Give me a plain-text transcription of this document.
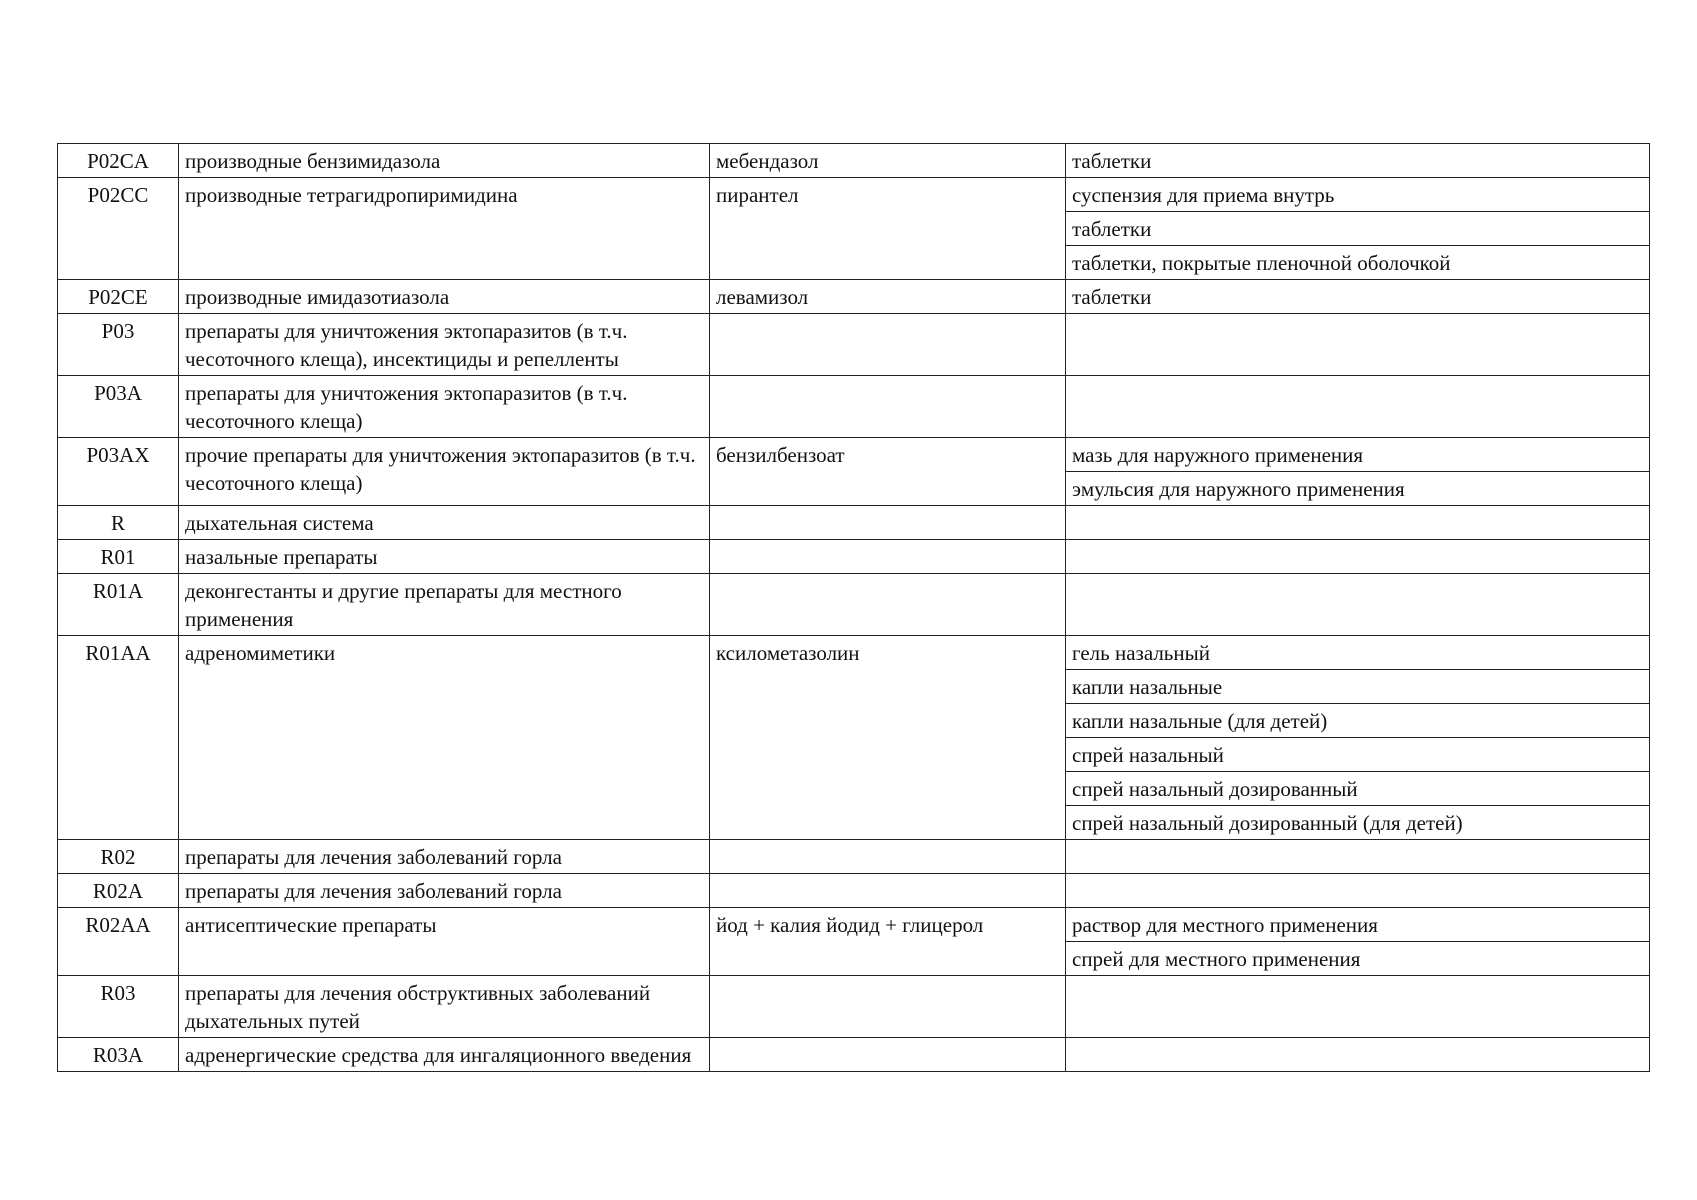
P02CA	производные бензимидазола	мебендазол	таблетки
P02CC	производные тетрагидропиримидина	пирантел	суспензия для приема внутрь
			таблетки
			таблетки, покрытые пленочной оболочкой
P02CE	производные имидазотиазола	левамизол	таблетки
P03	препараты для уничтожения эктопаразитов (в т.ч. чесоточного клеща), инсектициды и репелленты		
P03A	препараты для уничтожения эктопаразитов (в т.ч. чесоточного клеща)		
P03AX	прочие препараты для уничтожения эктопаразитов (в т.ч. чесоточного клеща)	бензилбензоат	мазь для наружного применения
			эмульсия для наружного применения
R	дыхательная система		
R01	назальные препараты		
R01A	деконгестанты и другие препараты для местного применения		
R01AA	адреномиметики	ксилометазолин	гель назальный
			капли назальные
			капли назальные (для детей)
			спрей назальный
			спрей назальный дозированный
			спрей назальный дозированный (для детей)
R02	препараты для лечения заболеваний горла		
R02A	препараты для лечения заболеваний горла		
R02AA	антисептические препараты	йод + калия йодид + глицерол	раствор для местного применения
			спрей для местного применения
R03	препараты для лечения обструктивных заболеваний дыхательных путей		
R03A	адренергические средства для ингаляционного введения		
